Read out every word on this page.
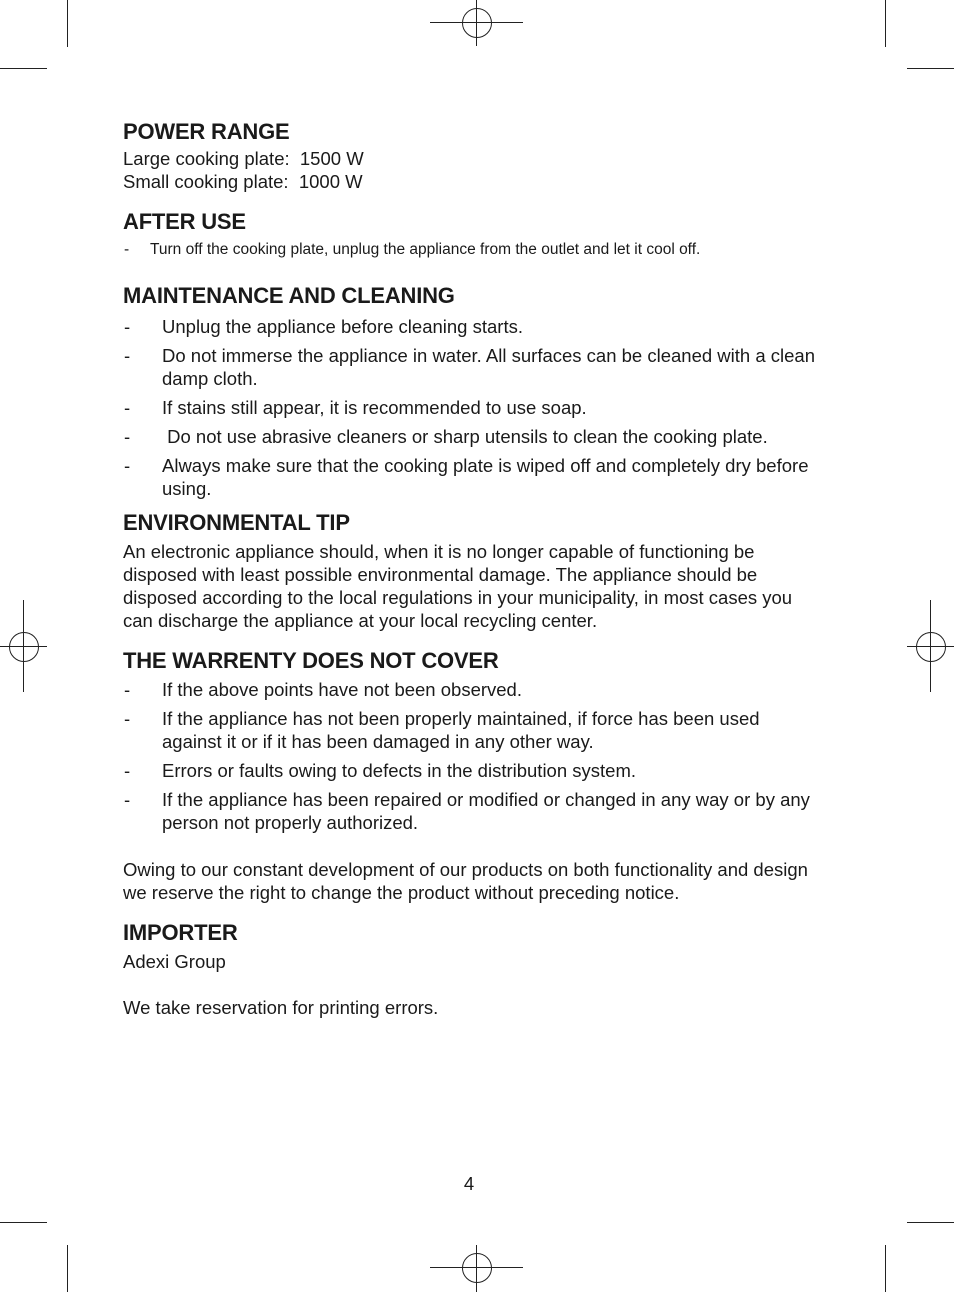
POWER RANGE

Large cooking plate:  1500 W

Small cooking plate:  1000 W

AFTER USE
- Turn off the cooking plate, unplug the appliance from the outlet and let it cool off.
MAINTENANCE AND CLEANING
- Unplug the appliance before cleaning starts.
- Do not immerse the appliance in water. All surfaces can be cleaned with a clean damp cloth.
- If stains still appear, it is recommended to use soap.
-  Do not use abrasive cleaners or sharp utensils to clean the cooking plate.
- Always make sure that the cooking plate is wiped off and completely dry before using.
ENVIRONMENTAL TIP

An electronic appliance should, when it is no longer capable of functioning be disposed with least possible environmental damage. The appliance should be disposed according to the local regulations in your municipality, in most cases you can discharge the appliance at your local recycling center.

THE WARRENTY DOES NOT COVER
- If the above points have not been observed.
- If the appliance has not been properly maintained, if force has been used against it or if it has been damaged in any other way.
- Errors or faults owing to defects in the distribution system.
- If the appliance has been repaired or modified or changed in any way or by any person not properly authorized.

Owing to our constant development of our products on both functionality and design we reserve the right to change the product without preceding notice.

IMPORTER

Adexi Group

We take reservation for printing errors.

4
